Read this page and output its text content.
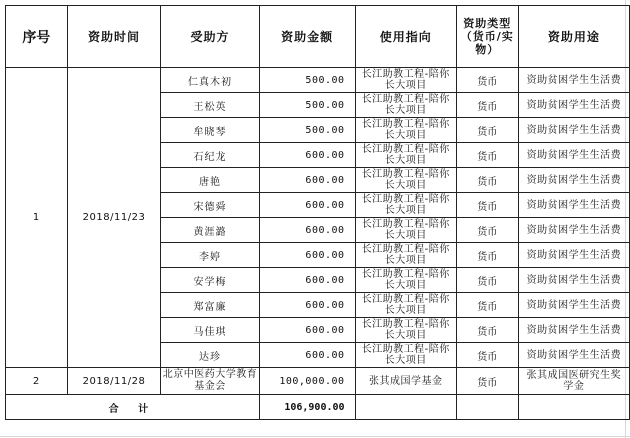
序号	资助时间	受助方	资助金额	使用指向	资助类型（货币/实物）	资助用途
1	2018/11/23	仁真木初	500.00	长江助教工程-陪你长大项目	货币	资助贫困学生生活费

		王松英	500.00	长江助教工程-陪你长大项目	货币	资助贫困学生生活费

		牟晓琴	500.00	长江助教工程-陪你长大项目	货币	资助贫困学生生活费

		石纪龙	600.00	长江助教工程-陪你长大项目	货币	资助贫困学生生活费

		唐艳	600.00	长江助教工程-陪你长大项目	货币	资助贫困学生生活费

		宋德舜	600.00	长江助教工程-陪你长大项目	货币	资助贫困学生生活费

		黄涯潞	600.00	长江助教工程-陪你长大项目	货币	资助贫困学生生活费

		李婷	600.00	长江助教工程-陪你长大项目	货币	资助贫困学生生活费

		安学梅	600.00	长江助教工程-陪你长大项目	货币	资助贫困学生生活费

		郑富廉	600.00	长江助教工程-陪你长大项目	货币	资助贫困学生生活费

		马佳琪	600.00	长江助教工程-陪你长大项目	货币	资助贫困学生生活费

		达珍	600.00	长江助教工程-陪你长大项目	货币	资助贫困学生生活费

2	2018/11/28	北京中医药大学教育基金会	100,000.00	张其成国学基金	货币	张其成国医研究生奖学金

合 计			106,900.00			
